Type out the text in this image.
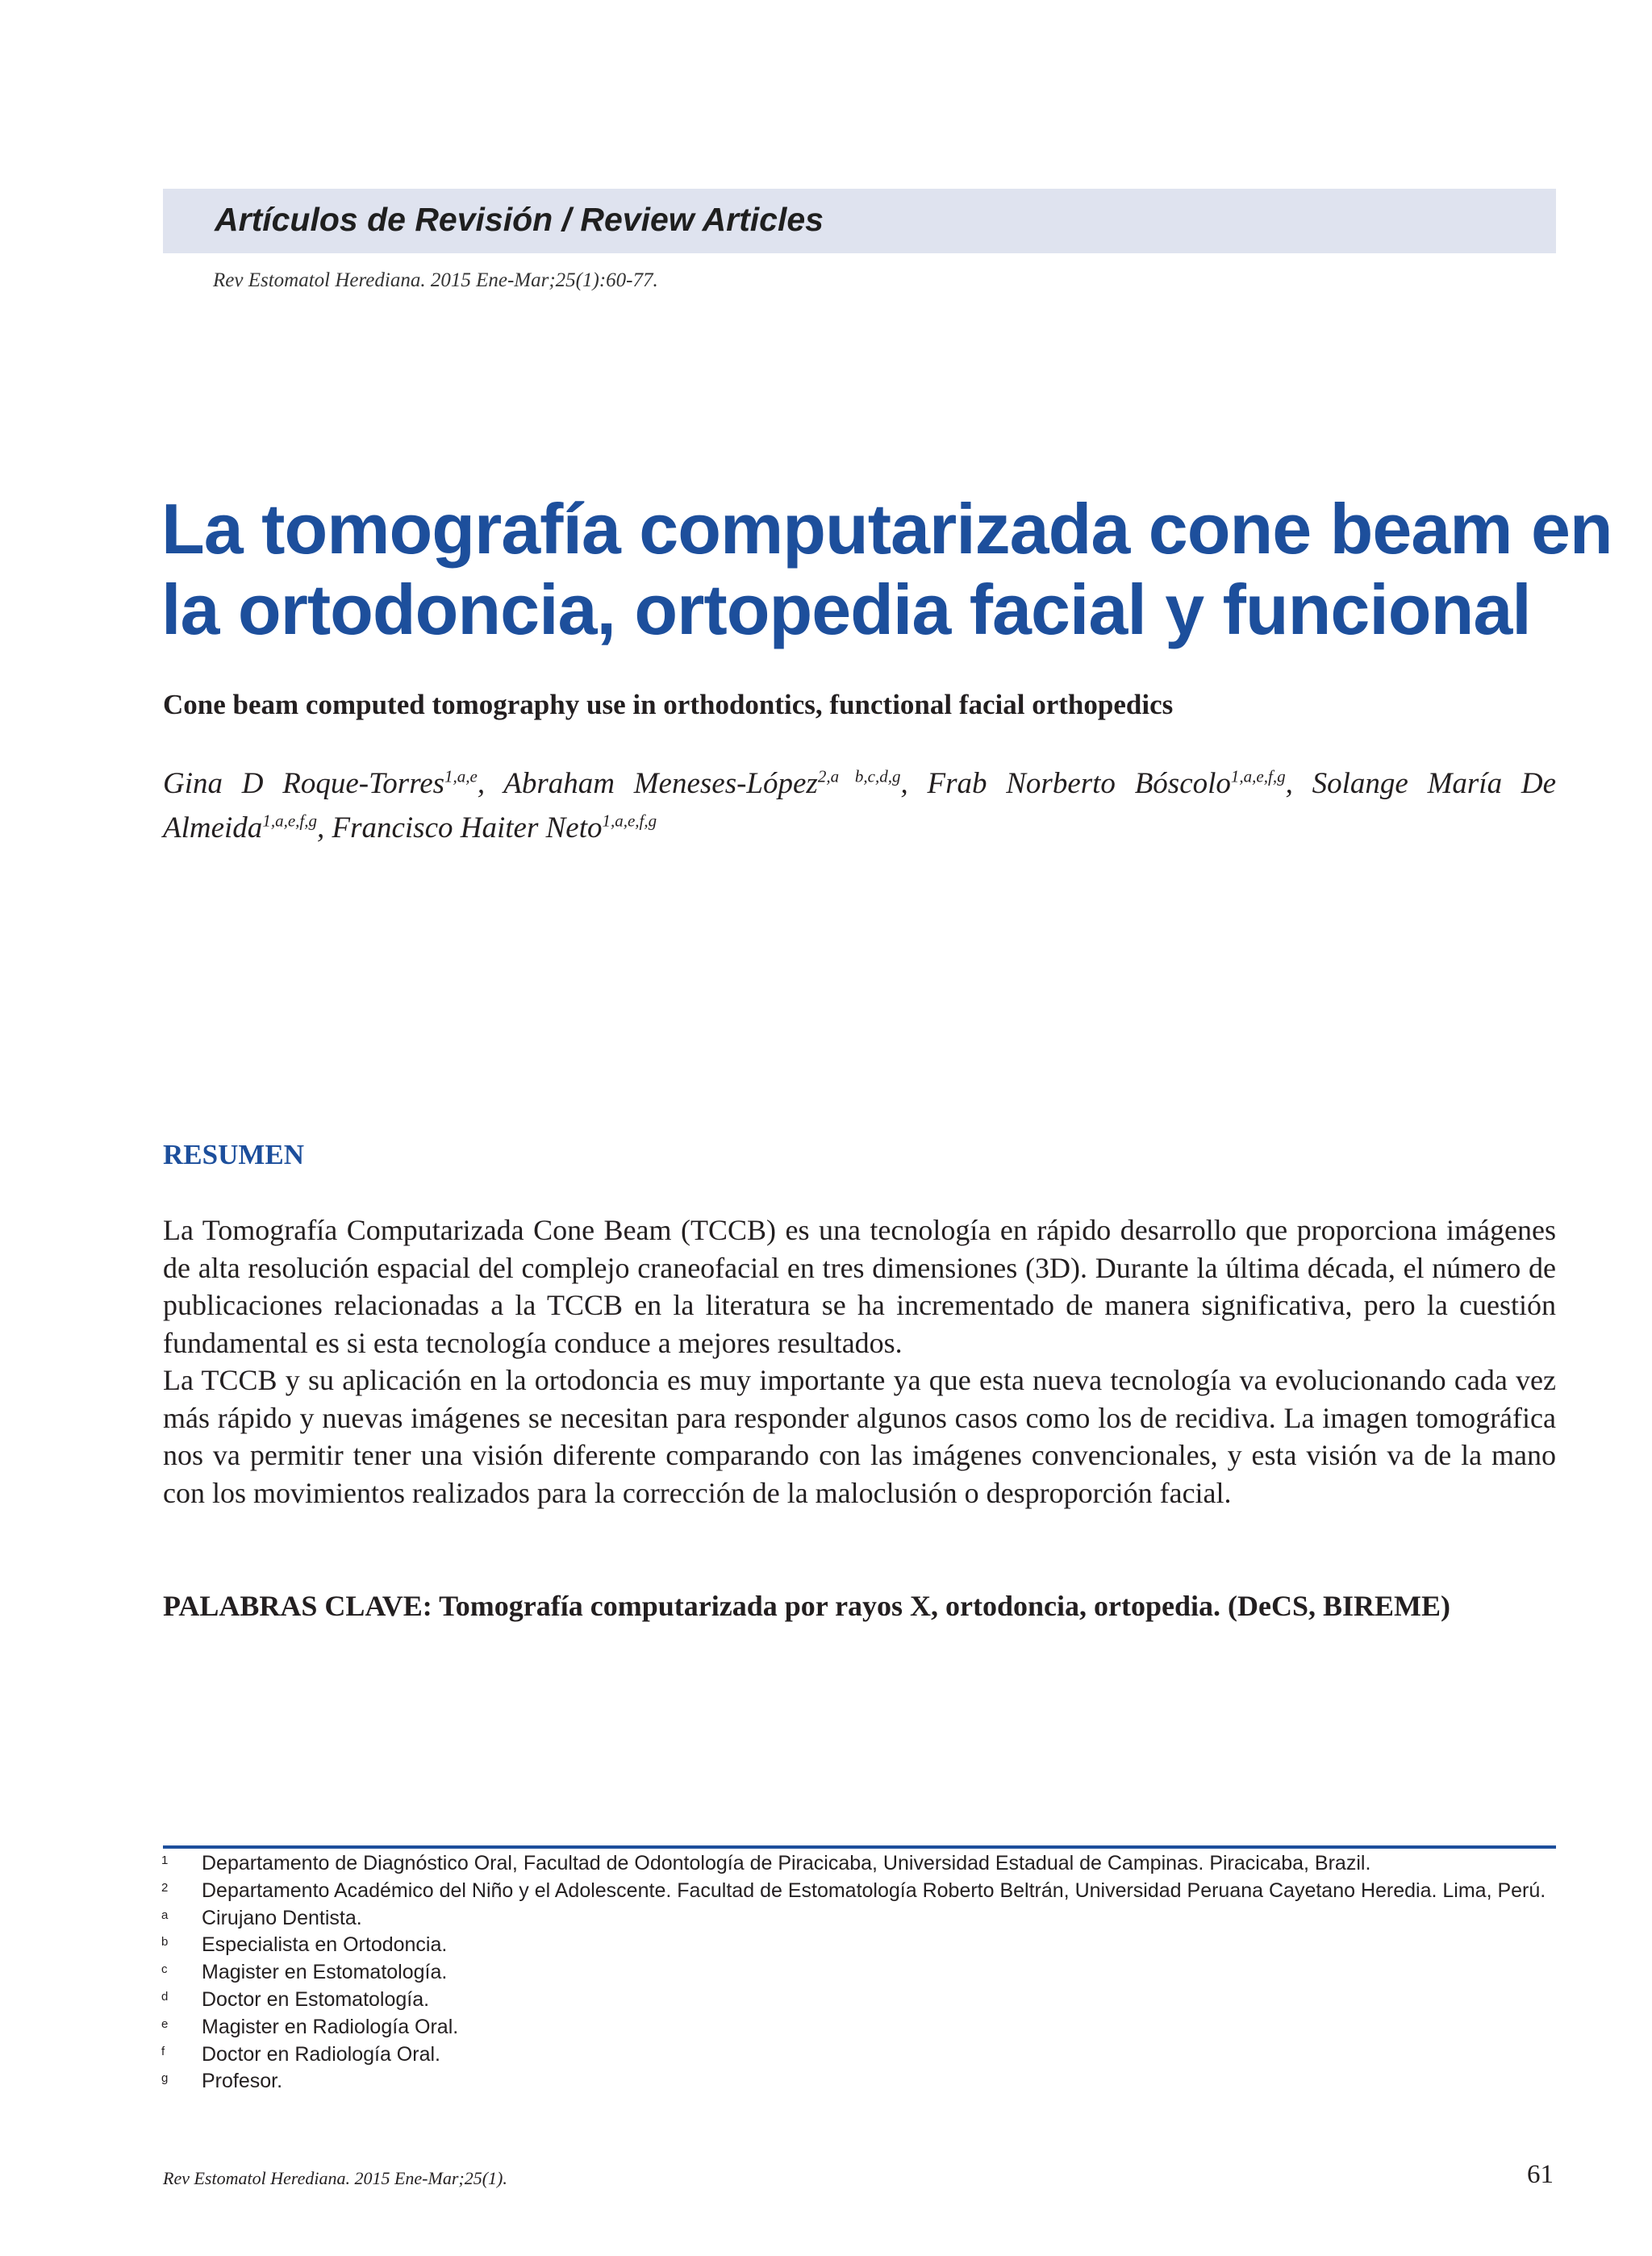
Artículos de Revisión / Review Articles
Rev Estomatol Herediana. 2015 Ene-Mar;25(1):60-77.
La tomografía computarizada cone beam en
la ortodoncia, ortopedia facial y funcional
Cone beam computed tomography use in orthodontics, functional facial orthopedics
Gina D Roque-Torres$^{1,a,e}$, Abraham Meneses-López$^{2,a b,c,d,g}$, Frab Norberto Bóscolo$^{1,a,e,f,g}$, Solange María De Almeida$^{1,a,e,f,g}$, Francisco Haiter Neto$^{1,a,e,f,g}$
RESUMEN

La Tomografía Computarizada Cone Beam (TCCB) es una tecnología en rápido desarrollo que proporciona imágenes de alta resolución espacial del complejo craneofacial en tres dimensiones (3D). Durante la última década, el número de publicaciones relacionadas a la TCCB en la literatura se ha incrementado de manera significativa, pero la cuestión fundamental es si esta tecnología conduce a mejores resultados.

La TCCB y su aplicación en la ortodoncia es muy importante ya que esta nueva tecnología va evolucionando cada vez más rápido y nuevas imágenes se necesitan para responder algunos casos como los de recidiva. La imagen tomográfica nos va permitir tener una visión diferente comparando con las imágenes convencionales, y esta visión va de la mano con los movimientos realizados para la corrección de la maloclusión o desproporción facial.

PALABRAS CLAVE: Tomografía computarizada por rayos X, ortodoncia, ortopedia. (DeCS, BIREME)
1	Departamento de Diagnóstico Oral, Facultad de Odontología de Piracicaba, Universidad Estadual de Campinas. Piracicaba, Brazil.
2	Departamento Académico del Niño y el Adolescente. Facultad de Estomatología Roberto Beltrán, Universidad Peruana Cayetano Heredia. Lima, Perú.
a	Cirujano Dentista.
b	Especialista en Ortodoncia.
c	Magister en Estomatología.
d	Doctor en Estomatología.
e	Magister en Radiología Oral.
f	Doctor en Radiología Oral.
g	Profesor.
Rev Estomatol Herediana. 2015 Ene-Mar;25(1).	61
